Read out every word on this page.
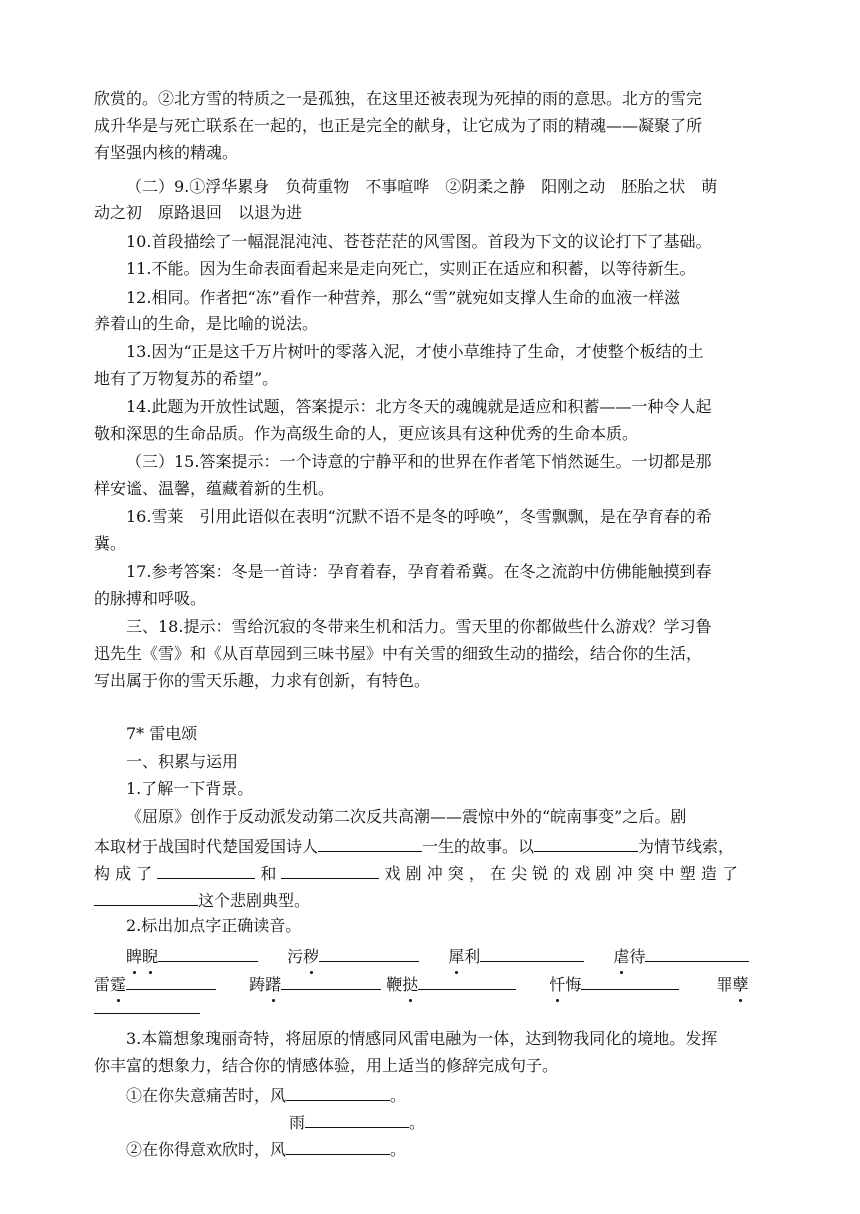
欣赏的。②北方雪的特质之一是孤独，在这里还被表现为死掉的雨的意思。北方的雪完
成升华是与死亡联系在一起的，也正是完全的献身，让它成为了雨的精魂——凝聚了所
有坚强内核的精魂。
（二）9.①浮华累身　负荷重物　不事喧哗　②阴柔之静　阳刚之动　胚胎之状　萌
动之初　原路退回　以退为进
10.首段描绘了一幅混混沌沌、苍苍茫茫的风雪图。首段为下文的议论打下了基础。
11.不能。因为生命表面看起来是走向死亡，实则正在适应和积蓄，以等待新生。
12.相同。作者把“冻”看作一种营养，那么“雪”就宛如支撑人生命的血液一样滋
养着山的生命，是比喻的说法。
13.因为“正是这千万片树叶的零落入泥，才使小草维持了生命，才使整个板结的土
地有了万物复苏的希望”。
14.此题为开放性试题，答案提示：北方冬天的魂魄就是适应和积蓄——一种令人起
敬和深思的生命品质。作为高级生命的人，更应该具有这种优秀的生命本质。
（三）15.答案提示：一个诗意的宁静平和的世界在作者笔下悄然诞生。一切都是那
样安谧、温馨，蕴藏着新的生机。
16.雪莱　引用此语似在表明“沉默不语不是冬的呼唤”，冬雪飘飘，是在孕育春的希
冀。
17.参考答案：冬是一首诗：孕育着春，孕育着希冀。在冬之流韵中仿佛能触摸到春
的脉搏和呼吸。
三、18.提示：雪给沉寂的冬带来生机和活力。雪天里的你都做些什么游戏？学习鲁
迅先生《雪》和《从百草园到三味书屋》中有关雪的细致生动的描绘，结合你的生活，
写出属于你的雪天乐趣，力求有创新，有特色。
7* 雷电颂
一、积累与运用
1.了解一下背景。
《屈原》创作于反动派发动第二次反共高潮——震惊中外的“皖南事变”之后。剧
本取材于战国时代楚国爱国诗人	一生的故事。以	为情节线索，
构 成 了	和	戏 剧 冲 突 ， 在 尖 锐 的 戏 剧 冲 突 中 塑 造 了
这个悲剧典型。
2.标出加点字正确读音。
睥睨	污秽	犀利	虐待
雷霆	踌躇	鞭挞	忏悔	罪孽
3.本篇想象瑰丽奇特，将屈原的情感同风雷电融为一体，达到物我同化的境地。发挥
你丰富的想象力，结合你的情感体验，用上适当的修辞完成句子。
①在你失意痛苦时，风	。
雨	。
②在你得意欢欣时，风	。
